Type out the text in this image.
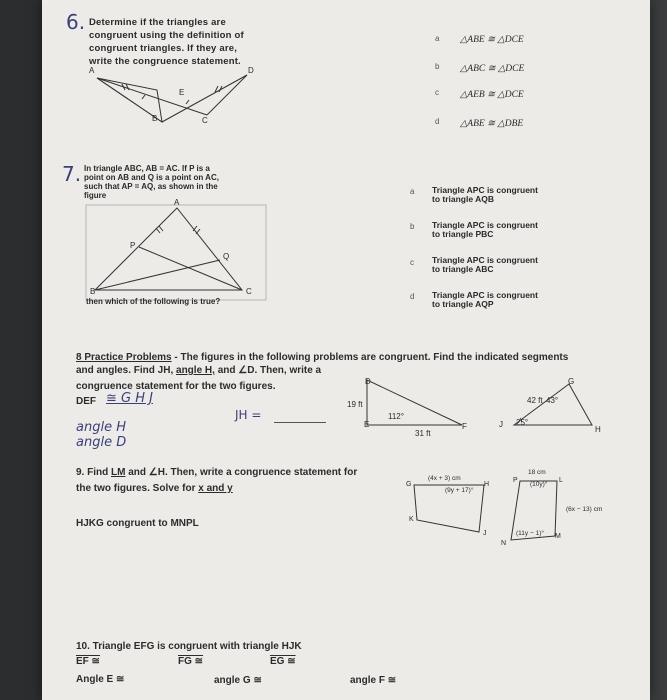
6. Determine if the triangles are
congruent using the definition of
congruent triangles. If they are,
write the congruence statement.
A	D
E
B	C
a △ABE ≅ △DCE
b △ABC ≅ △DCE
c △AEB ≅ △DCE
d △ABE ≅ △DBE
7. In triangle ABC, AB = AC. If P is a
point on AB and Q is a point on AC,
such that AP = AQ, as shown in the
figure
A
P
Q
B	C
then which of the following is true?
a Triangle APC is congruent
to triangle AQB
b Triangle APC is congruent
to triangle PBC
c Triangle APC is congruent
to triangle ABC
d Triangle APC is congruent
to triangle AQP
8 Practice Problems - The figures in the following problems are congruent. Find the indicated segments
and angles. Find JH, angle H, and ∠D. Then, write a
congruence statement for the two figures.
DEF ≅ G H J
JH =
angle H
angle D
D
E	F
19 ft
112°
31 ft
G
42 ft 43°
J 25°
H
9. Find LM and ∠H. Then, write a congruence statement for
the two figures. Solve for x and y
HJKG congruent to MNPL
G	H
K
J
(4x + 3) cm
(9y + 17)°
P	L
18 cm
(10y)°
(6x − 13) cm
(11y − 1)°
N
M
10. Triangle EFG is congruent with triangle HJK
EF ≅	FG ≅	EG ≅
Angle E ≅	angle G ≅	angle F ≅
